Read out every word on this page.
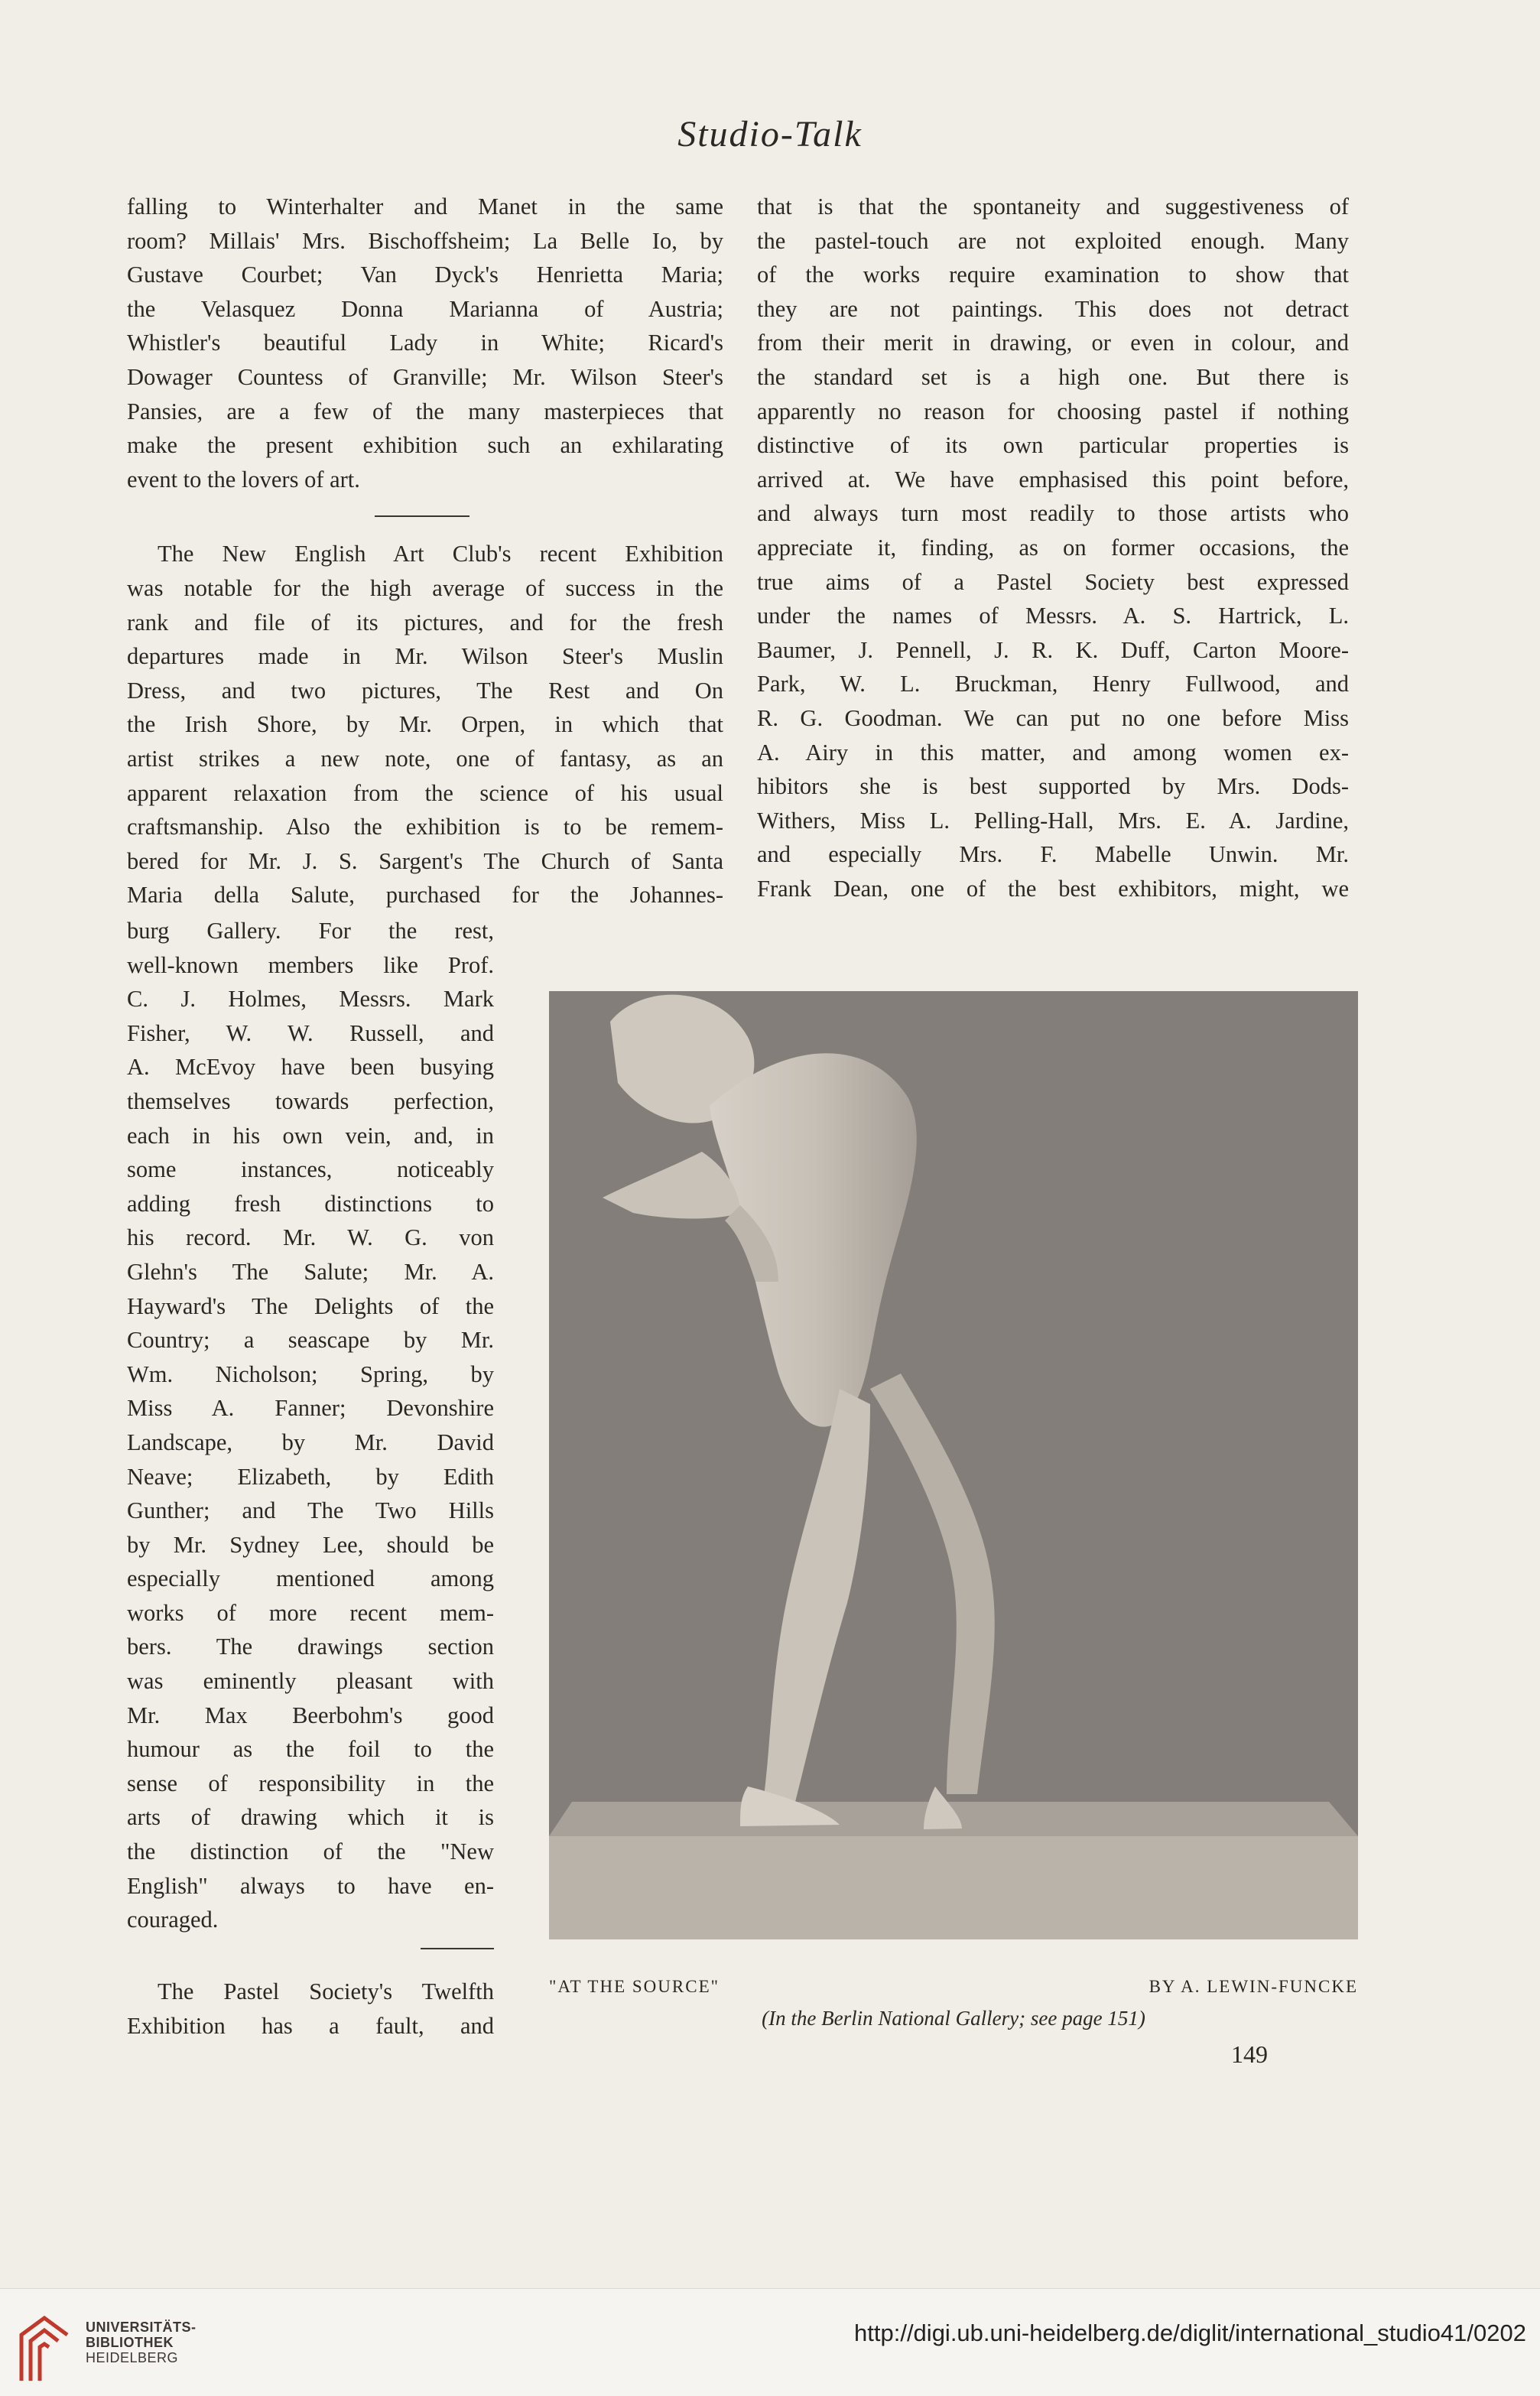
Studio-Talk
falling to Winterhalter and Manet in the same
room? Millais' Mrs. Bischoffsheim; La Belle Io, by
Gustave Courbet; Van Dyck's Henrietta Maria;
the Velasquez Donna Marianna of Austria;
Whistler's beautiful Lady in White; Ricard's
Dowager Countess of Granville; Mr. Wilson Steer's
Pansies, are a few of the many masterpieces that
make the present exhibition such an exhilarating
event to the lovers of art.
The New English Art Club's recent Exhibition
was notable for the high average of success in the
rank and file of its pictures, and for the fresh
departures made in Mr. Wilson Steer's Muslin
Dress, and two pictures, The Rest and On
the Irish Shore, by Mr. Orpen, in which that
artist strikes a new note, one of fantasy, as an
apparent relaxation from the science of his usual
craftsmanship. Also the exhibition is to be remem-
bered for Mr. J. S. Sargent's The Church of Santa
Maria della Salute, purchased for the Johannes-
burg Gallery. For the rest,
well-known members like Prof.
C. J. Holmes, Messrs. Mark
Fisher, W. W. Russell, and
A. McEvoy have been busying
themselves towards perfection,
each in his own vein, and, in
some instances, noticeably
adding fresh distinctions to
his record. Mr. W. G. von
Glehn's The Salute; Mr. A.
Hayward's The Delights of the
Country; a seascape by Mr.
Wm. Nicholson; Spring, by
Miss A. Fanner; Devonshire
Landscape, by Mr. David
Neave; Elizabeth, by Edith
Gunther; and The Two Hills
by Mr. Sydney Lee, should be
especially mentioned among
works of more recent mem-
bers. The drawings section
was eminently pleasant with
Mr. Max Beerbohm's good
humour as the foil to the
sense of responsibility in the
arts of drawing which it is
the distinction of the "New
English" always to have en-
couraged.
The Pastel Society's Twelfth
Exhibition has a fault, and
that is that the spontaneity and suggestiveness of
the pastel-touch are not exploited enough. Many
of the works require examination to show that
they are not paintings. This does not detract
from their merit in drawing, or even in colour, and
the standard set is a high one. But there is
apparently no reason for choosing pastel if nothing
distinctive of its own particular properties is
arrived at. We have emphasised this point before,
and always turn most readily to those artists who
appreciate it, finding, as on former occasions, the
true aims of a Pastel Society best expressed
under the names of Messrs. A. S. Hartrick, L.
Baumer, J. Pennell, J. R. K. Duff, Carton Moore-
Park, W. L. Bruckman, Henry Fullwood, and
R. G. Goodman. We can put no one before Miss
A. Airy in this matter, and among women ex-
hibitors she is best supported by Mrs. Dods-
Withers, Miss L. Pelling-Hall, Mrs. E. A. Jardine,
and especially Mrs. F. Mabelle Unwin. Mr.
Frank Dean, one of the best exhibitors, might, we
"AT THE SOURCE"	BY A. LEWIN-FUNCKE
(In the Berlin National Gallery; see page 151)
149
UNIVERSITÄTS-
BIBLIOTHEK
HEIDELBERG
http://digi.ub.uni-heidelberg.de/diglit/international_studio41/0202
